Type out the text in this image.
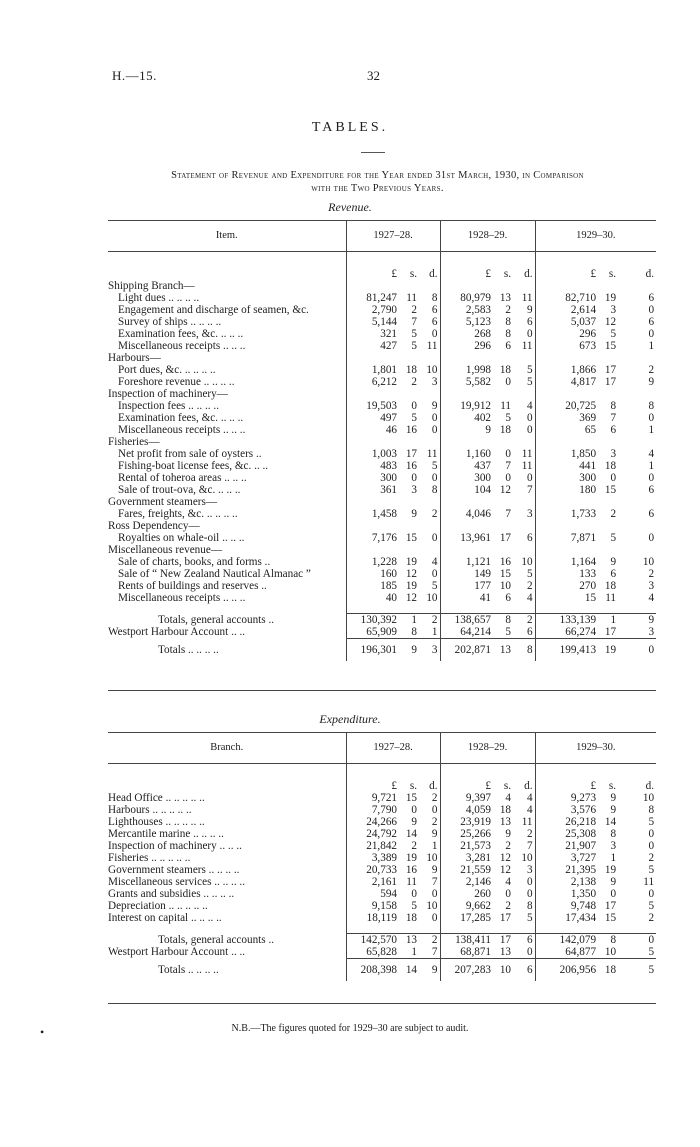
H.—15.	32
TABLES.
Statement of Revenue and Expenditure for the Year ended 31st March, 1930, in Comparison
with the Two Previous Years.
Revenue.
Item.	1927–28.			1928–29.			1929–30.		

	£	s.	d.	£	s.	d.	£	s.	d.
Shipping Branch—									
Light dues .. .. .. ..	81,247	11	8	80,979	13	11	82,710	19	6
Engagement and discharge of seamen, &c.	2,790	2	6	2,583	2	9	2,614	3	0
Survey of ships .. .. .. ..	5,144	7	6	5,123	8	6	5,037	12	6
Examination fees, &c. .. .. ..	321	5	0	268	8	0	296	5	0
Miscellaneous receipts .. .. ..	427	5	11	296	6	11	673	15	1
Harbours—									
Port dues, &c. .. .. .. ..	1,801	18	10	1,998	18	5	1,866	17	2
Foreshore revenue .. .. .. ..	6,212	2	3	5,582	0	5	4,817	17	9
Inspection of machinery—									
Inspection fees .. .. .. ..	19,503	0	9	19,912	11	4	20,725	8	8
Examination fees, &c. .. .. ..	497	5	0	402	5	0	369	7	0
Miscellaneous receipts .. .. ..	46	16	0	9	18	0	65	6	1
Fisheries—									
Net profit from sale of oysters ..	1,003	17	11	1,160	0	11	1,850	3	4
Fishing-boat license fees, &c. .. ..	483	16	5	437	7	11	441	18	1
Rental of toheroa areas .. .. ..	300	0	0	300	0	0	300	0	0
Sale of trout-ova, &c. .. .. ..	361	3	8	104	12	7	180	15	6
Government steamers—									
Fares, freights, &c. .. .. .. ..	1,458	9	2	4,046	7	3	1,733	2	6
Ross Dependency—									
Royalties on whale-oil .. .. ..	7,176	15	0	13,961	17	6	7,871	5	0
Miscellaneous revenue—									
Sale of charts, books, and forms ..	1,228	19	4	1,121	16	10	1,164	9	10
Sale of “ New Zealand Nautical Almanac ”	160	12	0	149	15	5	133	6	2
Rents of buildings and reserves ..	185	19	5	177	10	2	270	18	3
Miscellaneous receipts .. .. ..	40	12	10	41	6	4	15	11	4

Totals, general accounts ..	130,392	1	2	138,657	8	2	133,139	1	9
Westport Harbour Account .. ..	65,909	8	1	64,214	5	6	66,274	17	3
Totals .. .. .. ..	196,301	9	3	202,871	13	8	199,413	19	0
Expenditure.
Branch.	1927–28.			1928–29.			1929–30.		

	£	s.	d.	£	s.	d.	£	s.	d.
Head Office .. .. .. .. ..	9,721	15	2	9,397	4	4	9,273	9	10
Harbours .. .. .. .. ..	7,790	0	0	4,059	18	4	3,576	9	8
Lighthouses .. .. .. .. ..	24,266	9	2	23,919	13	11	26,218	14	5
Mercantile marine .. .. .. ..	24,792	14	9	25,266	9	2	25,308	8	0
Inspection of machinery .. .. ..	21,842	2	1	21,573	2	7	21,907	3	0
Fisheries .. .. .. .. ..	3,389	19	10	3,281	12	10	3,727	1	2
Government steamers .. .. .. ..	20,733	16	9	21,559	12	3	21,395	19	5
Miscellaneous services .. .. .. ..	2,161	11	7	2,146	4	0	2,138	9	11
Grants and subsidies .. .. .. ..	594	0	0	260	0	0	1,350	0	0
Depreciation .. .. .. .. ..	9,158	5	10	9,662	2	8	9,748	17	5
Interest on capital .. .. .. ..	18,119	18	0	17,285	17	5	17,434	15	2

Totals, general accounts ..	142,570	13	2	138,411	17	6	142,079	8	0
Westport Harbour Account .. ..	65,828	1	7	68,871	13	0	64,877	10	5
Totals .. .. .. ..	208,398	14	9	207,283	10	6	206,956	18	5
•	N.B.—The figures quoted for 1929–30 are subject to audit.
